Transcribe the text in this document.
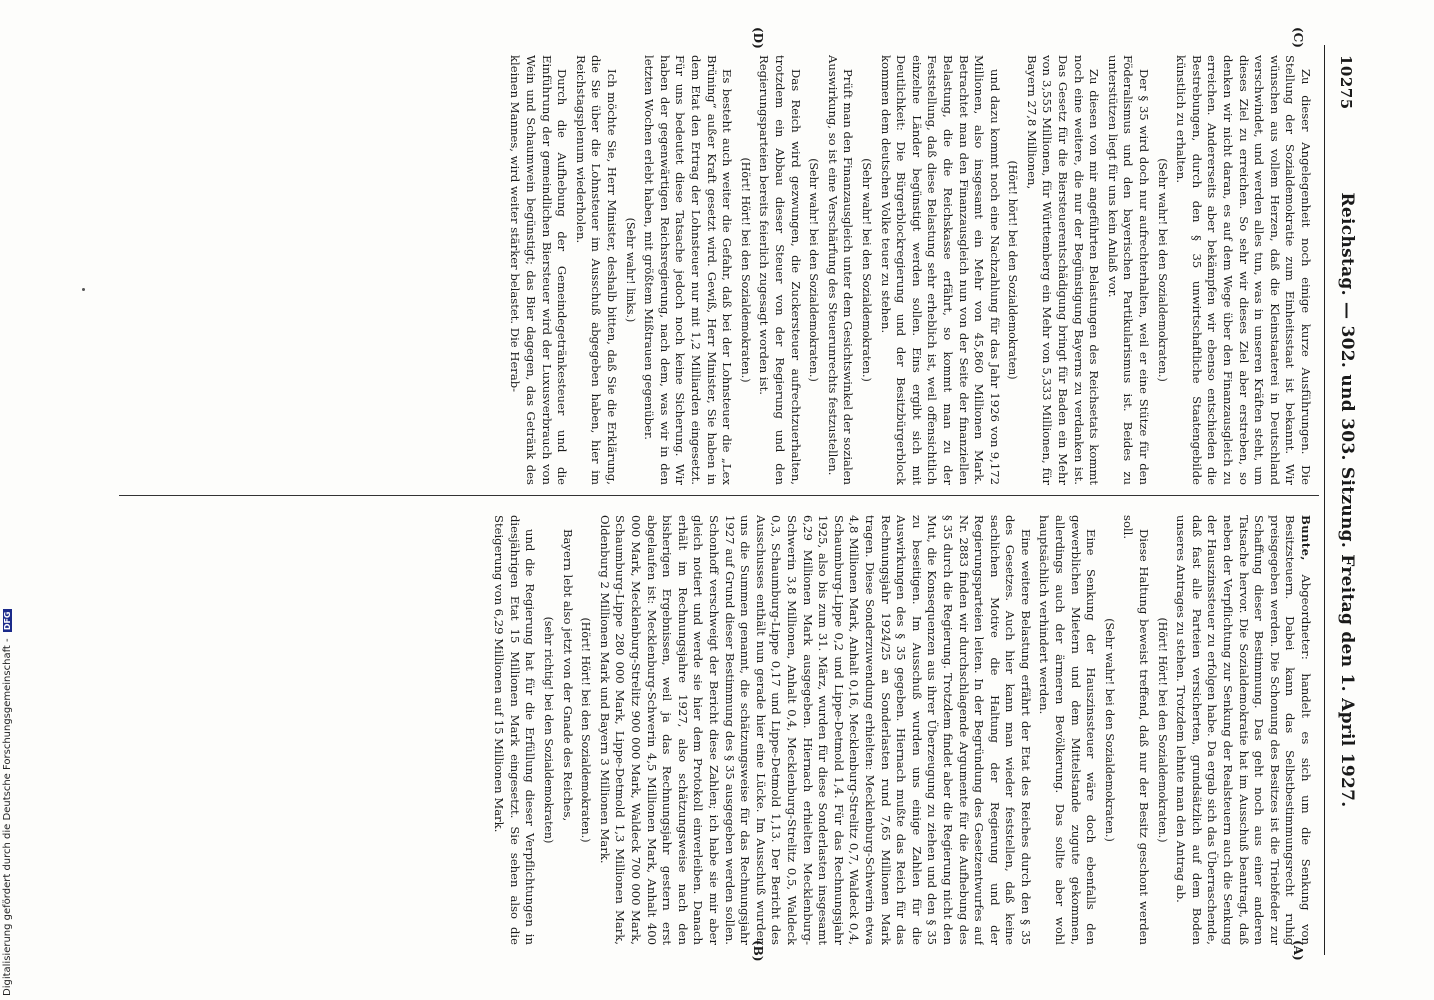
10275
Reichstag. — 302. und 303. Sitzung. Freitag den 1. April 1927.
(A)
(B)
(C)
(D)

Bunte, Abgeordneter: handelt es sich um die Senkung von Besitzsteuern. Dabei kann das Selbstbestimmungsrecht ruhig preisgegeben werden. Die Schonung des Besitzes ist die Triebfeder zur Schaffung dieser Bestimmung. Das geht noch aus einer anderen Tatsache hervor. Die Sozialdemokratie hat im Ausschuß beantragt, daß neben der Verpflichtung zur Senkung der Realsteuern auch die Senkung der Hauszinssteuer zu erfolgen habe. Da ergab sich das Überraschende, daß fast alle Parteien versicherten, grundsätzlich auf dem Boden unseres Antrages zu stehen. Trotzdem lehnte man den Antrag ab.

(Hört! Hört! bei den Sozialdemokraten.)

Diese Haltung beweist treffend, daß nur der Besitz geschont werden soll.

(Sehr wahr! bei den Sozialdemokraten.)

Eine Senkung der Hauszinssteuer wäre doch ebenfalls den gewerblichen Mietern und dem Mittelstande zugute gekommen, allerdings auch der ärmeren Bevölkerung. Das sollte aber wohl hauptsächlich verhindert werden.

Eine weitere Belastung erfährt der Etat des Reiches durch den § 35 des Gesetzes. Auch hier kann man wieder feststellen, daß keine sachlichen Motive die Haltung der Regierung und der Regierungsparteien leiten. In der Begründung des Gesetzentwurfes auf Nr. 2883 finden wir durchschlagende Argumente für die Aufhebung des § 35 durch die Regierung. Trotzdem findet aber die Regierung nicht den Mut, die Konsequenzen aus ihrer Überzeugung zu ziehen und den § 35 zu beseitigen. Im Ausschuß wurden uns einige Zahlen für die Auswirkungen des § 35 gegeben. Hiernach mußte das Reich für das Rechnungsjahr 1924/25 an Sonderlasten rund 7,65 Millionen Mark tragen. Diese Sonderzuwendung erhielten: Mecklenburg-Schwerin etwa 4,8 Millionen Mark, Anhalt 0,16, Mecklenburg-Strelitz 0,7, Waldeck 0,4, Schaumburg-Lippe 0,2 und Lippe-Detmold 1,4. Für das Rechnungsjahr 1925, also bis zum 31. März, wurden für diese Sonderlasten insgesamt 6,29 Millionen Mark ausgegeben. Hiernach erhielten Mecklenburg-Schwerin 3,8 Millionen, Anhalt 0,4, Mecklenburg-Strelitz 0,5, Waldeck 0,3, Schaumburg-Lippe 0,17 und Lippe-Detmold 1,13. Der Bericht des Ausschusses enthält nun gerade hier eine Lücke. Im Ausschuß wurden uns die Summen genannt, die schätzungsweise für das Rechnungsjahr 1927 auf Grund dieser Bestimmung des § 35 ausgegeben werden sollen. Schonhoff verschweigt der Bericht diese Zahlen; ich habe sie mir aber gleich notiert und werde sie hier dem Protokoll einverleiben. Danach erhält im Rechnungsjahre 1927, also schätzungsweise nach den bisherigen Ergebnissen, weil ja das Rechnungsjahr gestern erst abgelaufen ist: Mecklenburg-Schwerin 4,5 Millionen Mark, Anhalt 400 000 Mark, Mecklenburg-Strelitz 900 000 Mark, Waldeck 700 000 Mark, Schaumburg-Lippe 280 000 Mark, Lippe-Detmold 1,3 Millionen Mark, Oldenburg 2 Millionen Mark und Bayern 3 Millionen Mark.

(Hört! Hört! bei den Sozialdemokraten.)

Bayern lebt also jetzt von der Gnade des Reiches,

(sehr richtig! bei den Sozialdemokraten)

und die Regierung hat für die Erfüllung dieser Verpflichtungen in diesjährigen Etat 15 Millionen Mark eingesetzt. Sie sehen also die Steigerung von 6,29 Millionen auf 15 Millionen Mark.

Zu dieser Angelegenheit noch einige kurze Ausführungen. Die Stellung der Sozialdemokratie zum Einheitsstaat ist bekannt. Wir wünschen aus vollem Herzen, daß die Kleinstaaterei in Deutschland verschwindet, und werden alles tun, was in unseren Kräften steht, um dieses Ziel zu erreichen. So sehr wir dieses Ziel aber erstreben, so denken wir nicht daran, es auf dem Wege über den Finanzausgleich zu erreichen. Andererseits aber bekämpfen wir ebenso entschieden die Bestrebungen, durch den § 35 unwirtschaftliche Staatengebilde künstlich zu erhalten.

(Sehr wahr! bei den Sozialdemokraten.)

Der § 35 wird doch nur aufrechterhalten, weil er eine Stütze für den Föderalismus und den bayerischen Partikularismus ist. Beides zu unterstützen liegt für uns kein Anlaß vor.

Zu diesen von mir angeführten Belastungen des Reichsetats kommt noch eine weitere, die nur der Begünstigung Bayerns zu verdanken ist. Das Gesetz für die Biersteuerentschädigung bringt für Baden ein Mehr von 3,555 Millionen, für Württemberg ein Mehr von 5,333 Millionen, für Bayern 27,8 Millionen,

(Hört! hört! bei den Sozialdemokraten)

und dazu kommt noch eine Nachzahlung für das Jahr 1926 von 9,172 Millionen, also insgesamt ein Mehr von 45,860 Millionen Mark. Betrachtet man den Finanzausgleich nun von der Seite der finanziellen Belastung, die die Reichskasse erfährt, so kommt man zu der Feststellung, daß diese Belastung sehr erheblich ist, weil offensichtlich einzelne Länder begünstigt werden sollen. Eins ergibt sich mit Deutlichkeit: Die Bürgerblockregierung und der Besitzbürgerblock kommen dem deutschen Volke teuer zu stehen.

(Sehr wahr! bei den Sozialdemokraten.)

Prüft man den Finanzausgleich unter dem Gesichtswinkel der sozialen Auswirkung, so ist eine Verschärfung des Steuerunrechts festzustellen.

(Sehr wahr! bei den Sozialdemokraten.)

Das Reich wird gezwungen, die Zuckersteuer aufrechtzuerhalten, trotzdem ein Abbau dieser Steuer von der Regierung und den Regierungsparteien bereits feierlich zugesagt worden ist.

(Hört! Hört! bei den Sozialdemokraten.)

Es besteht auch weiter die Gefahr, daß bei der Lohnsteuer die „Lex Brüning“ außer Kraft gesetzt wird. Gewiß, Herr Minister, Sie haben in dem Etat den Ertrag der Lohnsteuer nur mit 1,2 Milliarden eingesetzt. Für uns bedeutet diese Tatsache jedoch noch keine Sicherung. Wir haben der gegenwärtigen Reichsregierung, nach dem, was wir in den letzten Wochen erlebt haben, mit größtem Mißtrauen gegenüber.

(Sehr wahr! links.)

Ich möchte Sie, Herr Minister, deshalb bitten, daß Sie die Erklärung, die Sie über die Lohnsteuer im Ausschuß abgegeben haben, hier im Reichstagsplenum wiederholen.

Durch die Aufhebung der Gemeindegetränkesteuer und die Einführung der gemeindlichen Biersteuer wird der Luxusverbrauch von Wein und Schaumwein begünstigt; das Bier dagegen, das Getränk des kleinen Mannes, wird weiter stärker belastet. Die Herab-

Digitalisierung gefördert durch die Deutsche Forschungsgemeinschaft - DFG
